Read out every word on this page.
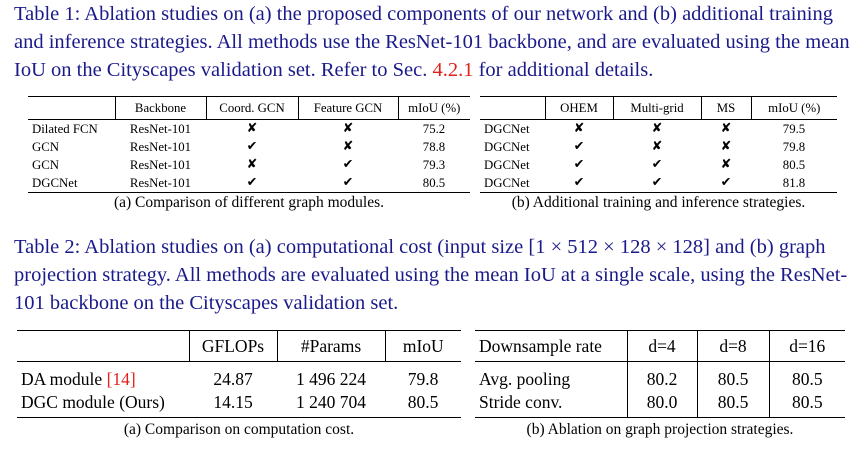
Table 1: Ablation studies on (a) the proposed components of our network and (b) additional training and inference strategies. All methods use the ResNet-101 backbone, and are evaluated using the mean IoU on the Cityscapes validation set. Refer to Sec. 4.2.1 for additional details.

	Backbone	Coord. GCN	Feature GCN	mIoU (%)
Dilated FCN	ResNet-101	✘	✘	75.2
GCN	ResNet-101	✔	✘	78.8
GCN	ResNet-101	✘	✔	79.3
DGCNet	ResNet-101	✔	✔	80.5

(a) Comparison of different graph modules.

	OHEM	Multi-grid	MS	mIoU (%)
DGCNet	✘	✘	✘	79.5
DGCNet	✔	✘	✘	79.8
DGCNet	✔	✔	✘	80.5
DGCNet	✔	✔	✔	81.8

(b) Additional training and inference strategies.

Table 2: Ablation studies on (a) computational cost (input size [1 × 512 × 128 × 128] and (b) graph projection strategy. All methods are evaluated using the mean IoU at a single scale, using the ResNet-101 backbone on the Cityscapes validation set.

	GFLOPs	#Params	mIoU
DA module [14]	24.87	1 496 224	79.8
DGC module (Ours)	14.15	1 240 704	80.5

(a) Comparison on computation cost.

Downsample rate	d=4	d=8	d=16
Avg. pooling	80.2	80.5	80.5
Stride conv.	80.0	80.5	80.5

(b) Ablation on graph projection strategies.
